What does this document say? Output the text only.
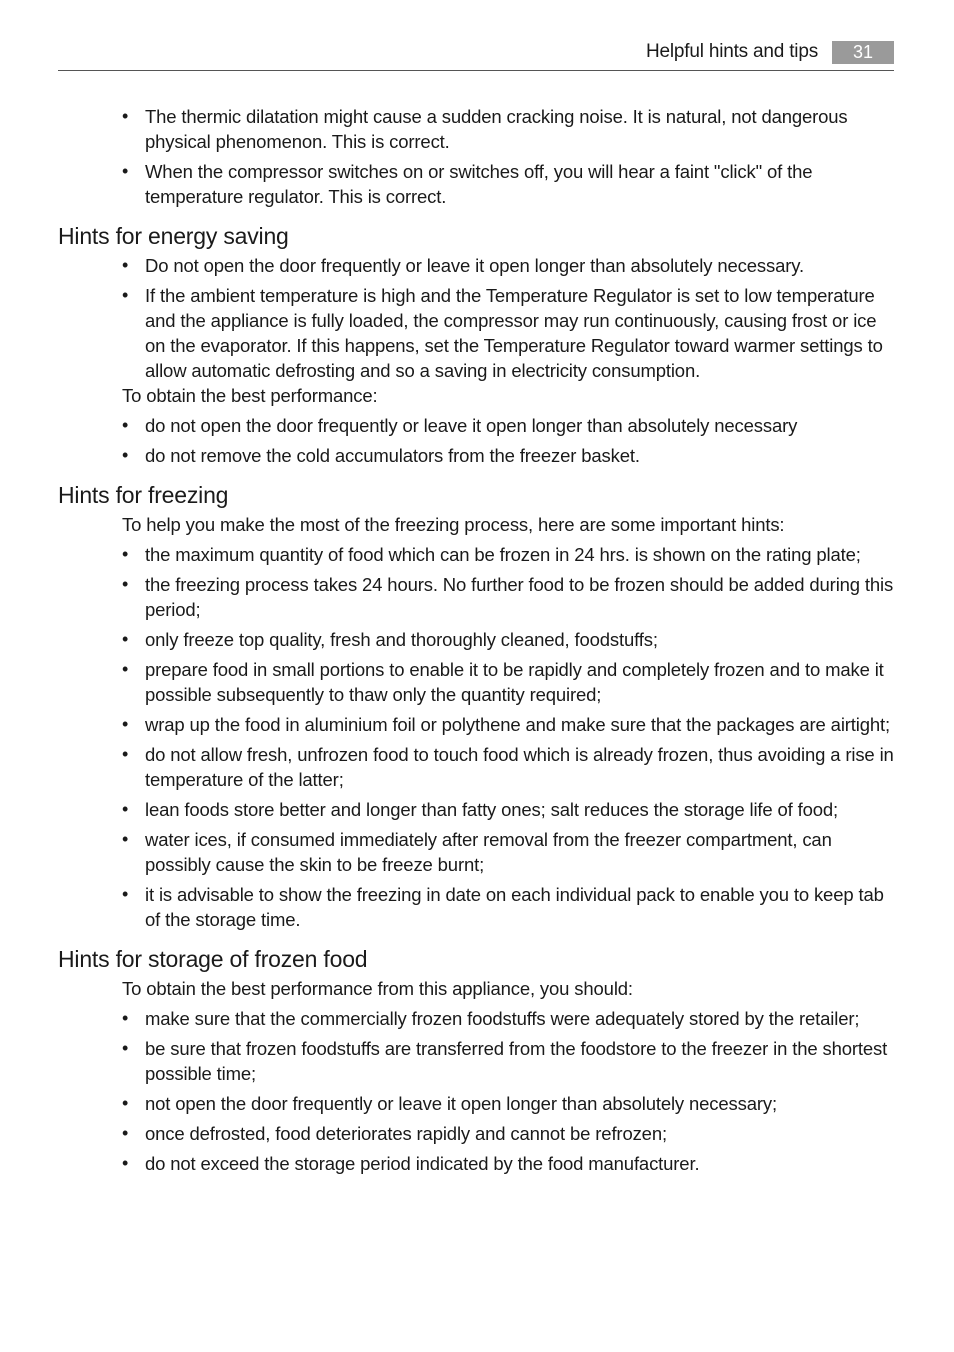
Helpful hints and tips	31
• The thermic dilatation might cause a sudden cracking noise. It is natural, not dangerous physical phenomenon. This is correct.
• When the compressor switches on or switches off, you will hear a faint "click" of the temperature regulator. This is correct.
Hints for energy saving
• Do not open the door frequently or leave it open longer than absolutely necessary.
• If the ambient temperature is high and the Temperature Regulator is set to low temperature and the appliance is fully loaded, the compressor may run continuously, causing frost or ice on the evaporator. If this happens, set the Temperature Regulator toward warmer settings to allow automatic defrosting and so a saving in electricity consumption.

To obtain the best performance:

• do not open the door frequently or leave it open longer than absolutely necessary
• do not remove the cold accumulators from the freezer basket.
Hints for freezing

To help you make the most of the freezing process, here are some important hints:

• the maximum quantity of food which can be frozen in 24 hrs. is shown on the rating plate;
• the freezing process takes 24 hours. No further food to be frozen should be added during this period;
• only freeze top quality, fresh and thoroughly cleaned, foodstuffs;
• prepare food in small portions to enable it to be rapidly and completely frozen and to make it possible subsequently to thaw only the quantity required;
• wrap up the food in aluminium foil or polythene and make sure that the packages are airtight;
• do not allow fresh, unfrozen food to touch food which is already frozen, thus avoiding a rise in temperature of the latter;
• lean foods store better and longer than fatty ones; salt reduces the storage life of food;
• water ices, if consumed immediately after removal from the freezer compartment, can possibly cause the skin to be freeze burnt;
• it is advisable to show the freezing in date on each individual pack to enable you to keep tab of the storage time.
Hints for storage of frozen food

To obtain the best performance from this appliance, you should:

• make sure that the commercially frozen foodstuffs were adequately stored by the retailer;
• be sure that frozen foodstuffs are transferred from the foodstore to the freezer in the shortest possible time;
• not open the door frequently or leave it open longer than absolutely necessary;
• once defrosted, food deteriorates rapidly and cannot be refrozen;
• do not exceed the storage period indicated by the food manufacturer.
